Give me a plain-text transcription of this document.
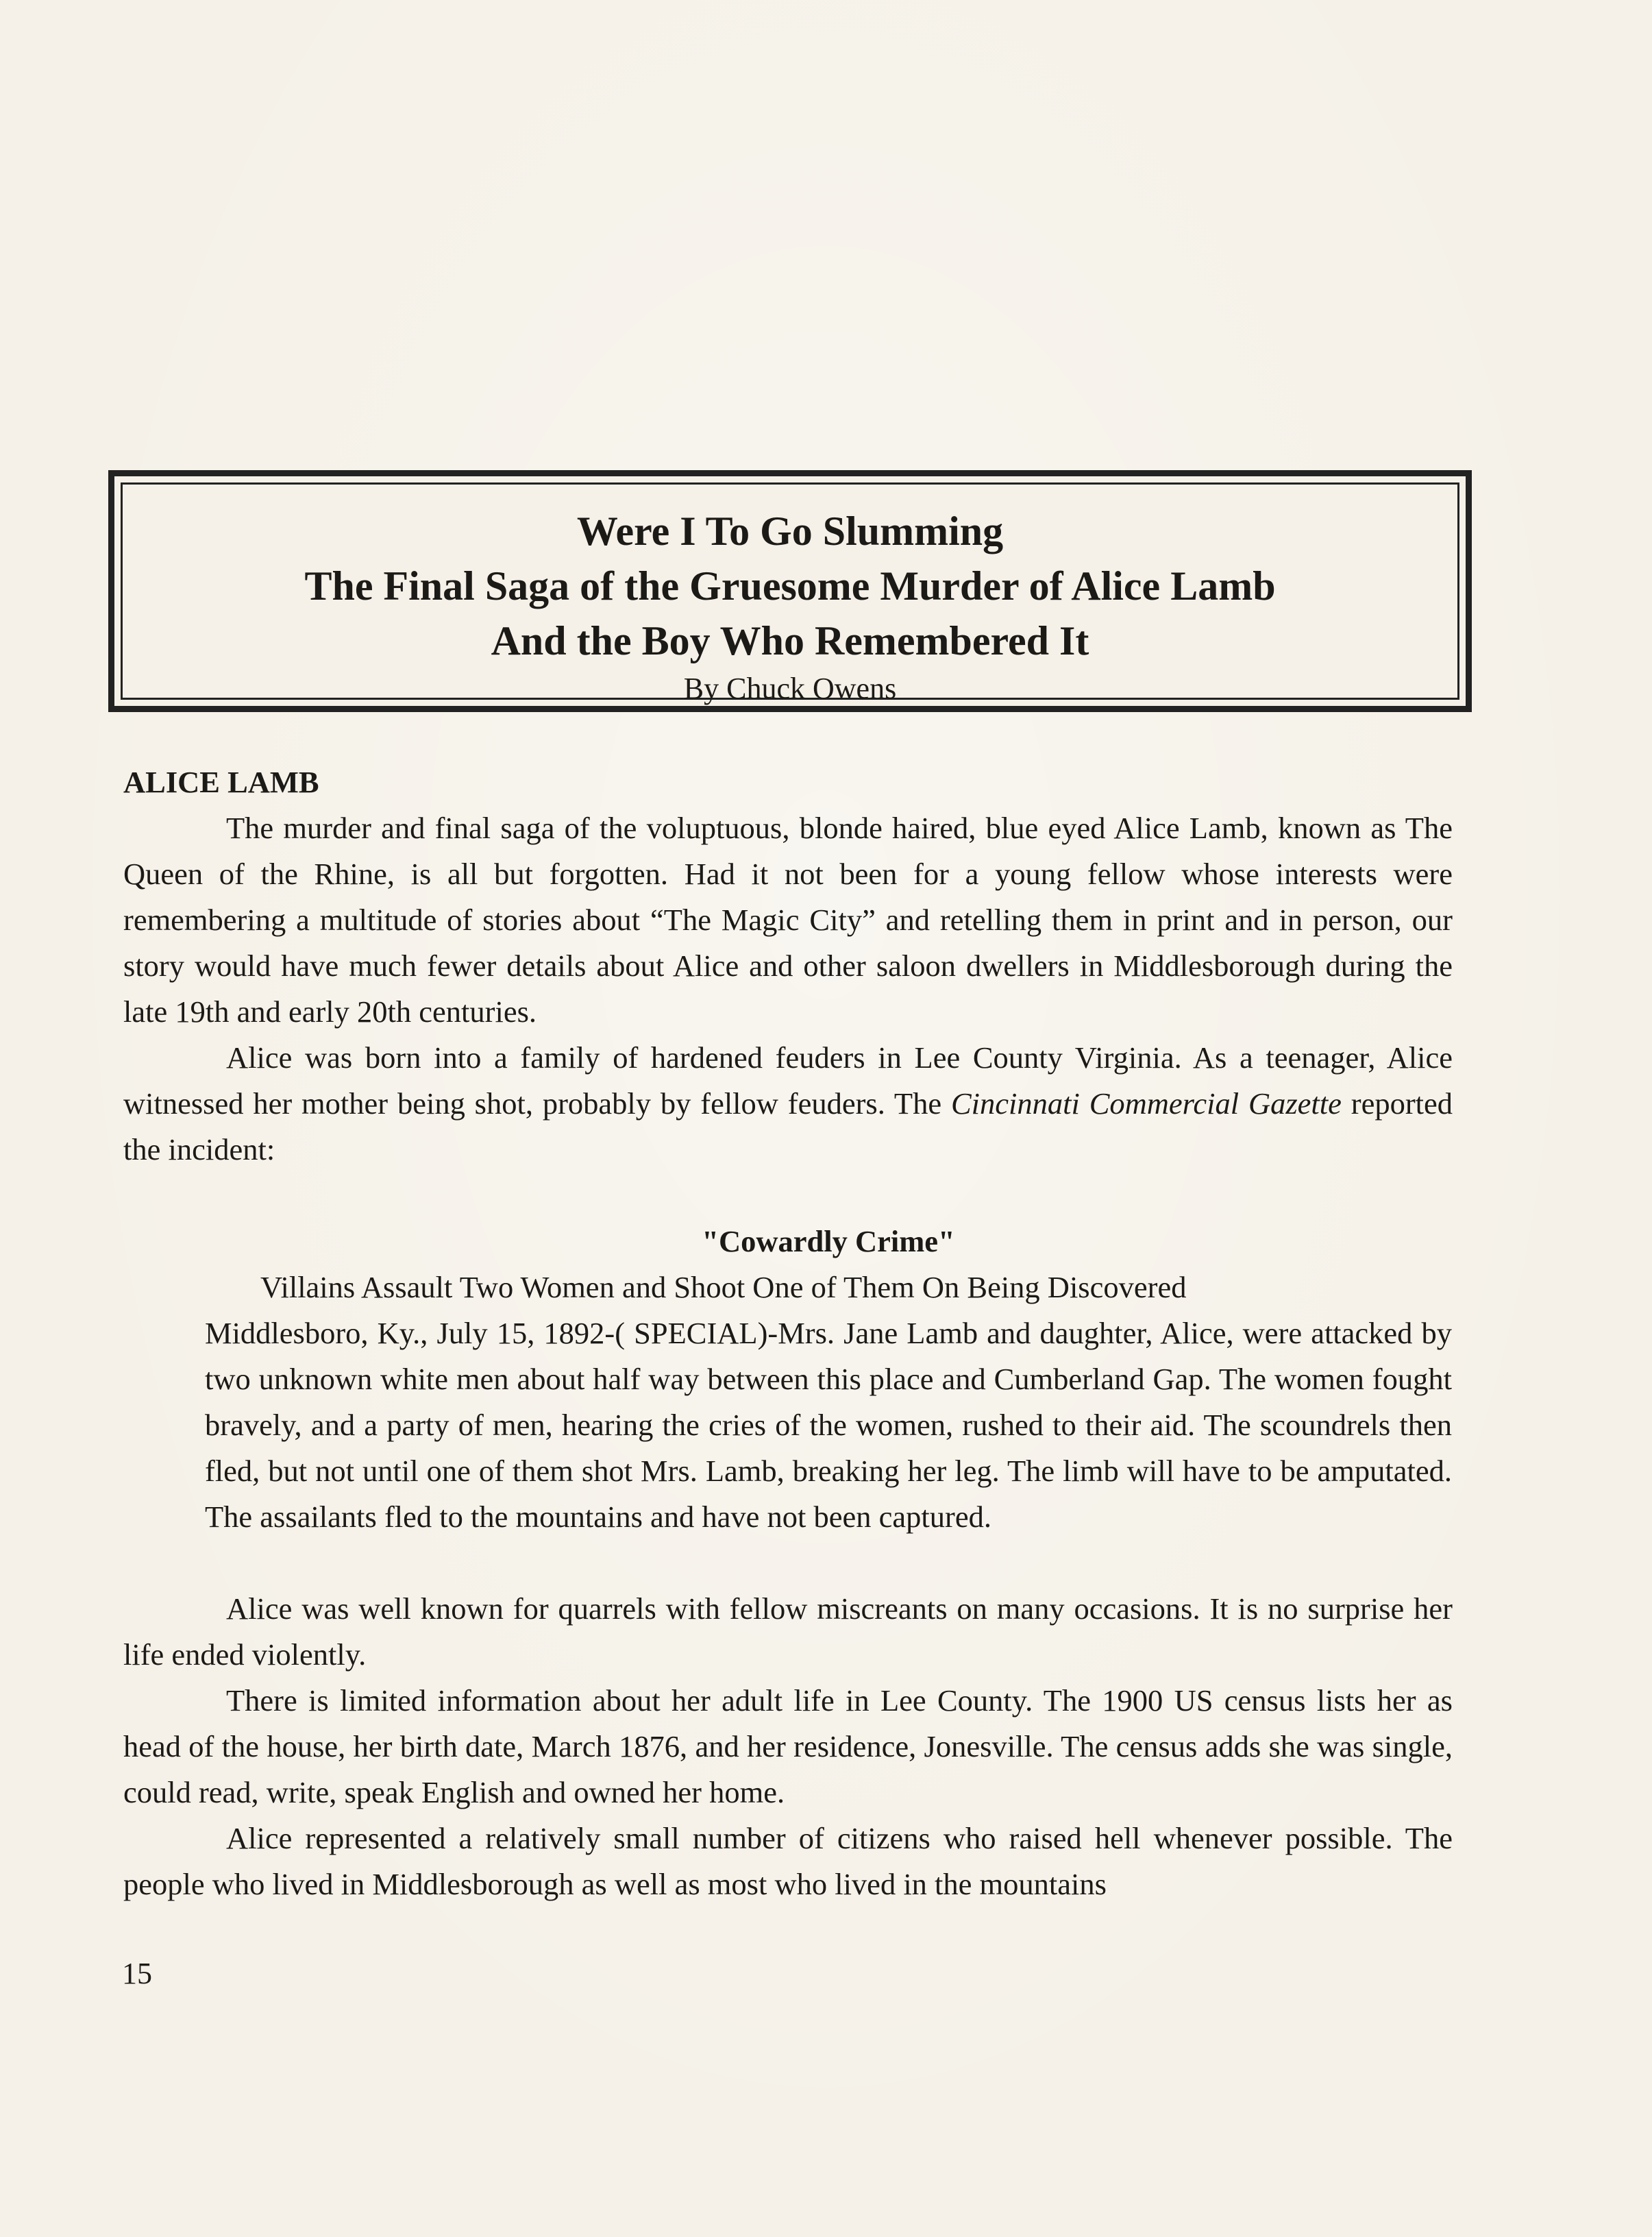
Were I To Go Slumming

The Final Saga of the Gruesome Murder of Alice Lamb

And the Boy Who Remembered It

By Chuck Owens

ALICE LAMB

The murder and final saga of the voluptuous, blonde haired, blue eyed Alice Lamb, known as The Queen of the Rhine, is all but forgotten. Had it not been for a young fellow whose interests were remembering a multitude of stories about “The Magic City” and retelling them in print and in person, our story would have much fewer details about Alice and other saloon dwellers in Middlesborough during the late 19th and early 20th centuries.

Alice was born into a family of hardened feuders in Lee County Virginia. As a teenager, Alice witnessed her mother being shot, probably by fellow feuders. The Cincinnati Commercial Gazette reported the incident:

"Cowardly Crime"

Villains Assault Two Women and Shoot One of Them On Being Discovered

Middlesboro, Ky., July 15, 1892-( SPECIAL)-Mrs. Jane Lamb and daughter, Alice, were attacked by two unknown white men about half way between this place and Cumberland Gap. The women fought bravely, and a party of men, hearing the cries of the women, rushed to their aid. The scoundrels then fled, but not until one of them shot Mrs. Lamb, breaking her leg. The limb will have to be amputated. The assailants fled to the mountains and have not been captured.

Alice was well known for quarrels with fellow miscreants on many occasions. It is no surprise her life ended violently.

There is limited information about her adult life in Lee County. The 1900 US census lists her as head of the house, her birth date, March 1876, and her residence, Jonesville. The census adds she was single, could read, write, speak English and owned her home.

Alice represented a relatively small number of citizens who raised hell whenever possible. The people who lived in Middlesborough as well as most who lived in the mountains

15
